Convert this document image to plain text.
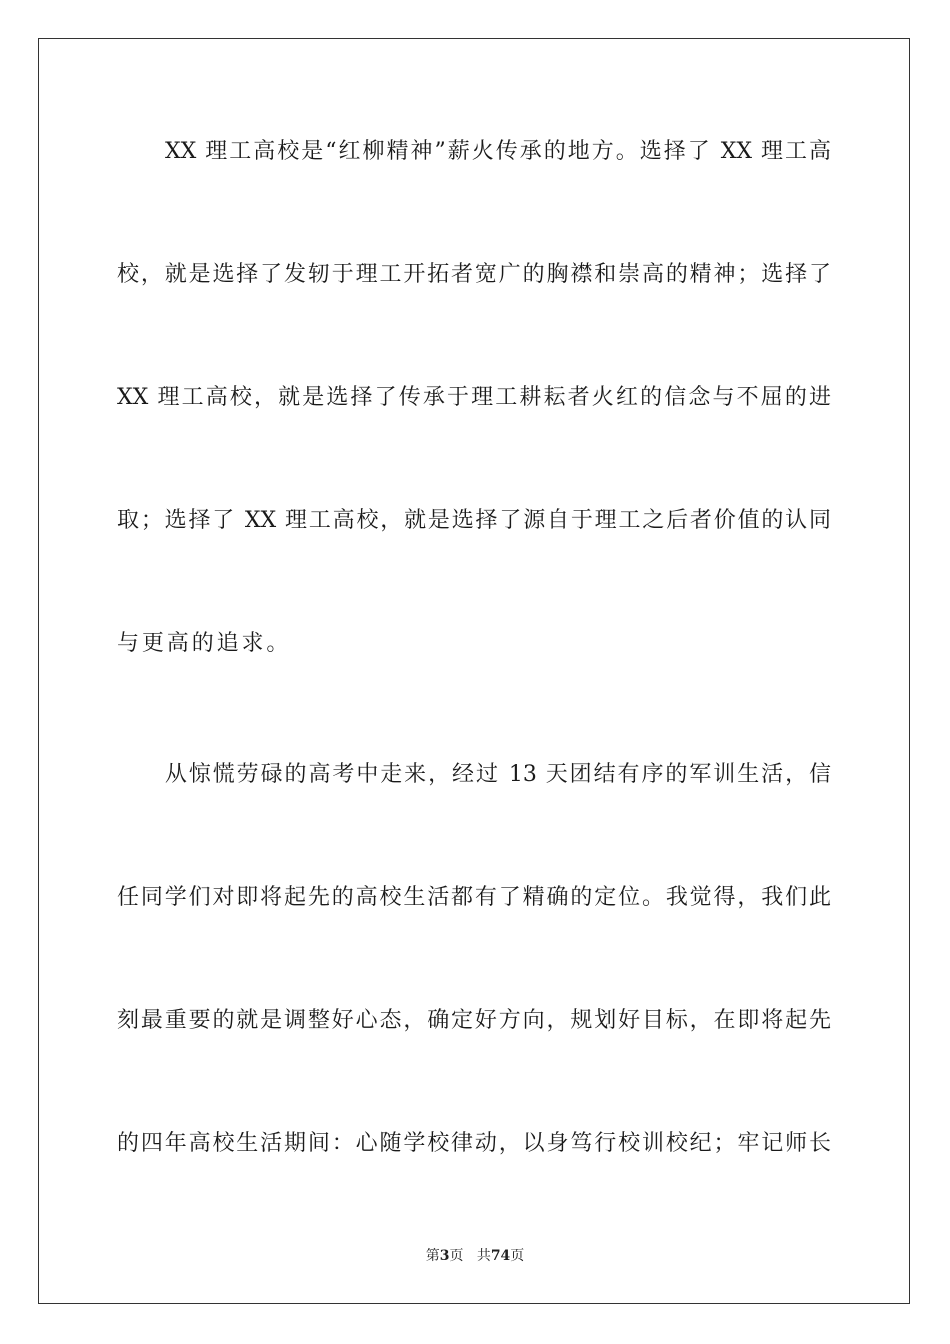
　　XX 理工高校是“红柳精神”薪火传承的地方。选择了 XX 理工高
校，就是选择了发轫于理工开拓者宽广的胸襟和崇高的精神；选择了
XX 理工高校，就是选择了传承于理工耕耘者火红的信念与不屈的进
取；选择了 XX 理工高校，就是选择了源自于理工之后者价值的认同
与更高的追求。
　　从惊慌劳碌的高考中走来，经过 13 天团结有序的军训生活，信
任同学们对即将起先的高校生活都有了精确的定位。我觉得，我们此
刻最重要的就是调整好心态，确定好方向，规划好目标，在即将起先
的四年高校生活期间：心随学校律动，以身笃行校训校纪；牢记师长
第3页 共74页
